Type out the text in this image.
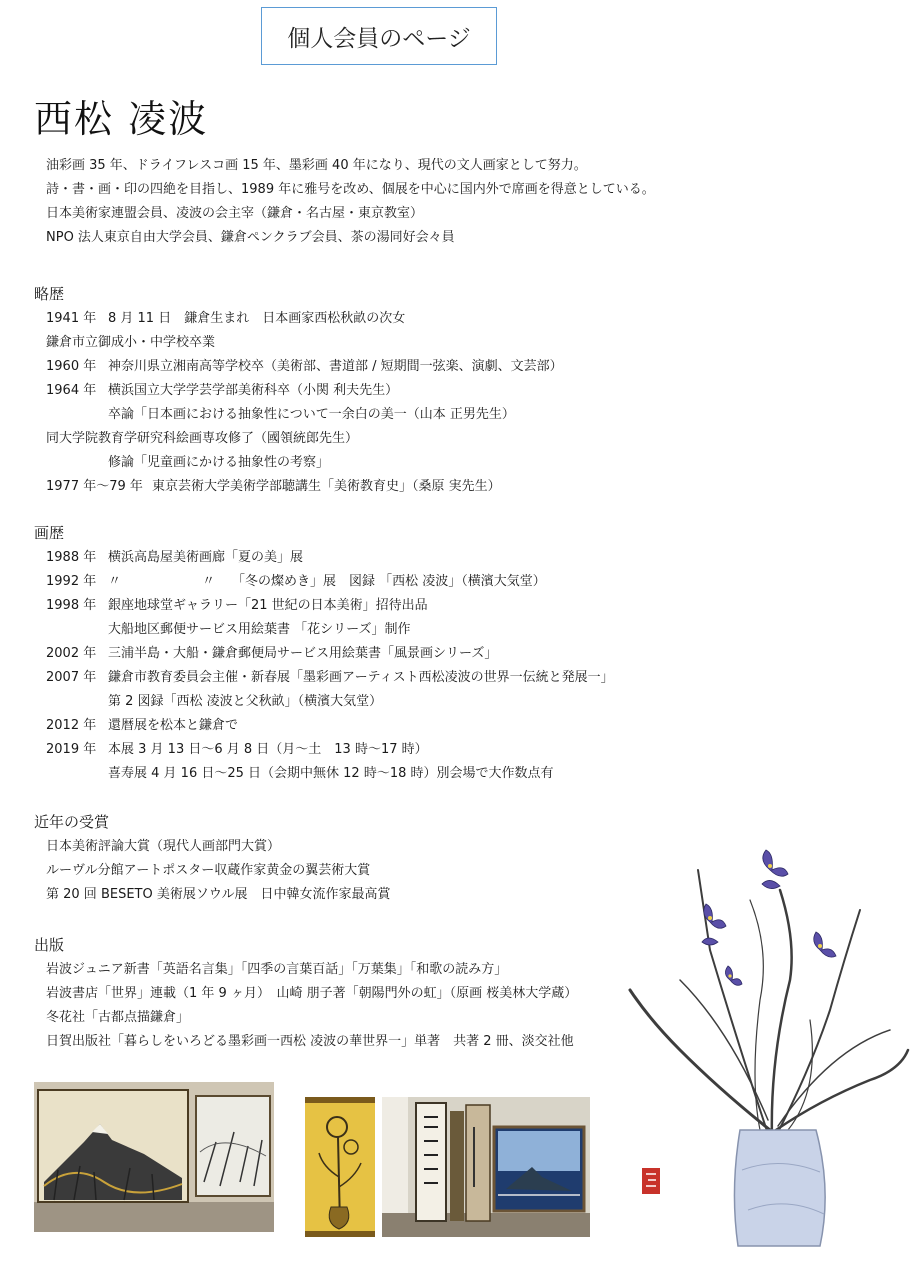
個人会員のページ
西松 凌波
油彩画 35 年、ドライフレスコ画 15 年、墨彩画 40 年になり、現代の文人画家として努力。
詩・書・画・印の四絶を目指し、1989 年に雅号を改め、個展を中心に国内外で席画を得意としている。
日本美術家連盟会員、凌波の会主宰（鎌倉・名古屋・東京教室）
NPO 法人東京自由大学会員、鎌倉ペンクラブ会員、茶の湯同好会々員
略歴
1941 年 8 月 11 日　鎌倉生まれ　日本画家西松秋畝の次女
鎌倉市立御成小・中学校卒業
1960 年 神奈川県立湘南高等学校卒（美術部、書道部 / 短期間一弦楽、演劇、文芸部）
1964 年 横浜国立大学学芸学部美術科卒（小関 利夫先生）
卒論「日本画における抽象性について一余白の美一（山本 正男先生）
同大学院教育学研究科絵画専攻修了（國領統郎先生）
修論「児童画にかける抽象性の考察」
1977 年〜79 年 東京芸術大学美術学部聴講生「美術教育史」（桑原 実先生）
画歴
1988 年 横浜高島屋美術画廊「夏の美」展
1992 年 〃	〃 「冬の燦めき」展　図録 「西松 凌波」（横濱大気堂）
1998 年 銀座地球堂ギャラリー「21 世紀の日本美術」招待出品
大船地区郵便サービス用絵葉書 「花シリーズ」制作
2002 年 三浦半島・大船・鎌倉郵便局サービス用絵葉書「風景画シリーズ」
2007 年 鎌倉市教育委員会主催・新春展「墨彩画アーティスト西松凌波の世界一伝統と発展一」
第 2 図録「西松 凌波と父秋畝」（横濱大気堂）
2012 年 還暦展を松本と鎌倉で
2019 年 本展 3 月 13 日〜6 月 8 日（月〜土　13 時〜17 時）
喜寿展 4 月 16 日〜25 日（会期中無休 12 時〜18 時）別会場で大作数点有
近年の受賞
日本美術評論大賞（現代人画部門大賞）
ルーヴル分館アートポスター収蔵作家黄金の翼芸術大賞
第 20 回 BESETO 美術展ソウル展　日中韓女流作家最高賞
出版
岩波ジュニア新書「英語名言集」「四季の言葉百話」「万葉集」「和歌の読み方」
岩波書店「世界」連載（1 年 9 ヶ月）　山崎 朋子著「朝陽門外の虹」（原画 桜美林大学蔵）
冬花社「古都点描鎌倉」
日賀出版社「暮らしをいろどる墨彩画一西松 凌波の華世界一」単著　共著 2 冊、淡交社他
